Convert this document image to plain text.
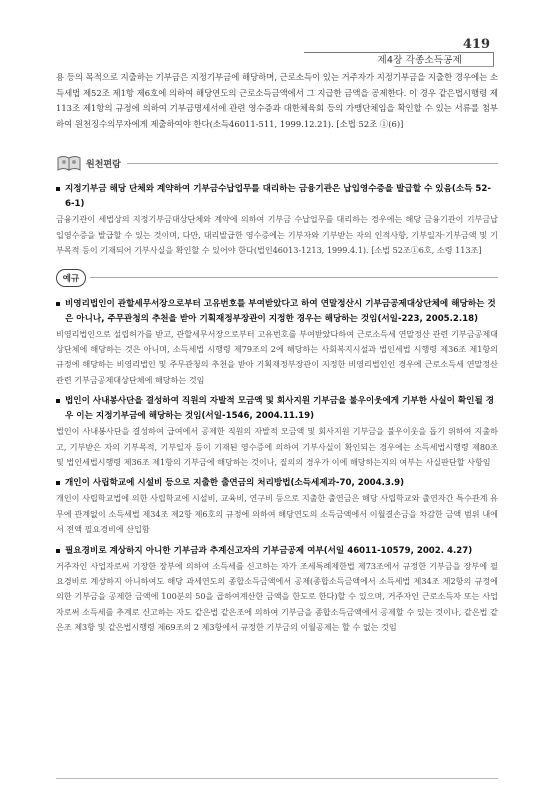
419
제4장 각종소득공제

용 등의 목적으로 지출하는 기부금은 지정기부금에 해당하며, 근로소득이 있는 거주자가 지정기부금을 지출한 경우에는 소득세법 제52조 제1항 제6호에 의하여 해당연도의 근로소득금액에서 그 지급한 금액을 공제한다. 이 경우 같은법시행령 제113조 제1항의 규정에 의하여 기부금명세서에 관련 영수증과 대한체육회 등의 가맹단체임을 확인할 수 있는 서류를 첨부하여 원천징수의무자에게 제출하여야 한다(소득46011-511, 1999.12.21). [소법 52조 ①(6)]

원천편람
지정기부금 해당 단체와 계약하여 기부금수납업무를 대리하는 금융기관은 납입영수증을 발급할 수 있음(소득 52-6-1)
금융기관이 세법상의 지정기부금대상단체와 계약에 의하여 기부금 수납업무를 대리하는 경우에는 해당 금융기관이 기부금납입영수증을 발급할 수 있는 것이며, 다만, 대리발급한 영수증에는 기부자와 기부받는 자의 인적사항, 기부일자·기부금액 및 기부목적 등이 기재되어 기부사실을 확인할 수 있어야 한다(법인46013-1213, 1999.4.1). [소법 52조①6호, 소령 113조]
예규
비영리법인이 관할세무서장으로부터 고유번호를 부여받았다고 하여 연말정산시 기부금공제대상단체에 해당하는 것은 아니나, 주무관청의 추천을 받아 기획재정부장관이 지정한 경우는 해당하는 것임(서일-223, 2005.2.18)
비영리법인으로 설립허가를 받고, 관할세무서장으로부터 고유번호를 부여받았다하여 근로소득세 연말정산 관련 기부금공제대상단체에 해당하는 것은 아니며, 소득세법 시행령 제79조의 2에 해당하는 사회복지시설과 법인세법 시행령 제36조 제1항의 규정에 해당하는 비영리법인 및 주무관청의 추천을 받아 기획재정부장관이 지정한 비영리법인인 경우에 근로소득세 연말정산관련 기부금공제대상단체에 해당하는 것임
법인이 사내봉사단을 결성하여 직원의 자발적 모금액 및 회사지원 기부금을 불우이웃에게 기부한 사실이 확인될 경우 이는 지정기부금에 해당하는 것임(서일-1546, 2004.11.19)
법인이 사내봉사단을 결성하여 급여에서 공제한 직원의 자발적 모금액 및 회사지원 기부금을 불우이웃을 돕기 위하여 지출하고, 기부받은 자의 기부목적, 기부일자 등이 기재된 영수증에 의하여 기부사실이 확인되는 경우에는 소득세법시행령 제80조 및 법인세법시행령 제36조 제1항의 기부금에 해당하는 것이나, 질의의 경우가 이에 해당하는지의 여부는 사실판단할 사항임
개인이 사립학교에 시설비 등으로 지출한 출연금의 처리방법(소득세제과-70, 2004.3.9)
개인이 사립학교법에 의한 사립학교에 시설비, 교육비, 연구비 등으로 지출한 출연금은 해당 사립학교와 출연자간 특수관계 유무에 관계없이 소득세법 제34조 제2항 제6호의 규정에 의하여 해당연도의 소득금액에서 이월결손금을 차감한 금액 범위 내에서 전액 필요경비에 산입함
필요경비로 계상하지 아니한 기부금과 추계신고자의 기부금공제 여부(서일 46011-10579, 2002. 4.27)
거주자인 사업자로써 기장한 장부에 의하여 소득세를 신고하는 자가 조세특례제한법 제73조에서 규정한 기부금을 장부에 필요경비로 계상하지 아니하여도 해당 과세연도의 종합소득금액에서 공제(종합소득금액에서 소득세법 제34조 제2항의 규정에 의한 기부금을 공제한 금액에 100분의 50을 곱하여계산한 금액을 한도로 한다)할 수 있으며, 거주자인 근로소득자 또는 사업자로써 소득세를 추계로 신고하는 자도 같은법 같은조에 의하여 기부금을 종합소득금액에서 공제할 수 있는 것이나, 같은법 같은조 제3항 및 같은법시행령 제69조의 2 제3항에서 규정한 기부금의 이월공제는 할 수 없는 것임
